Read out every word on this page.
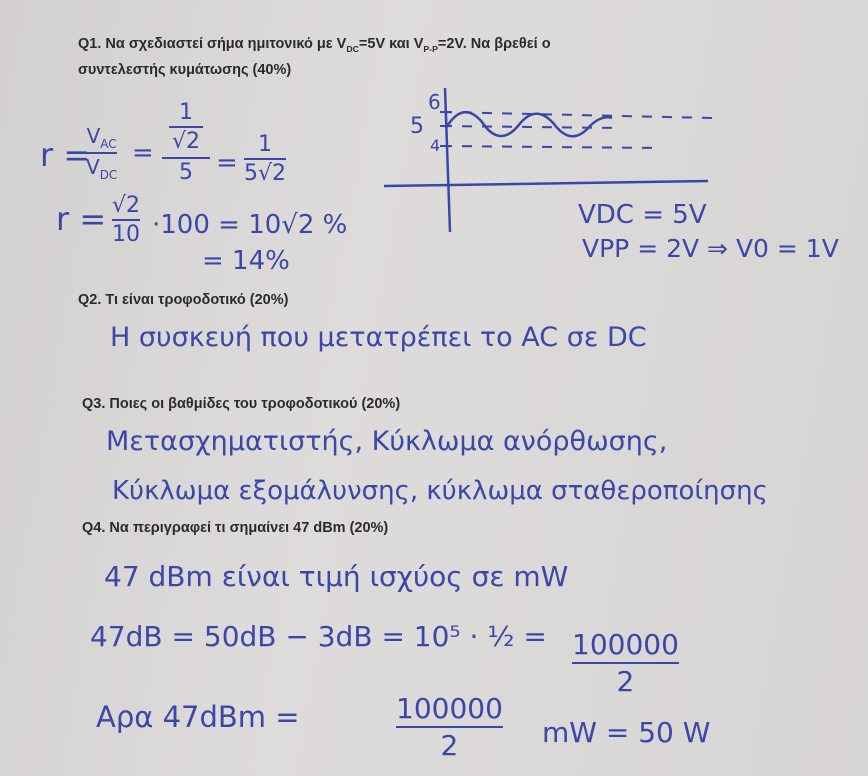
Q1. Να σχεδιαστεί σήμα ημιτονικό με $V_{DC}=5V$ και $V_{P-P}=2V$. Να βρεθεί ο
συντελεστής κυμάτωσης (40%)
r =
$V_{AC}$
$V_{DC}$
=
1
√2
5 =
1
5√2
r = √2
10 ·100 = 10√2 %
= 14%
6
5
4
VDC = 5V
VPP = 2V ⇒ V0 = 1V
Q2. Τι είναι τροφοδοτικό (20%)
Η συσκευή που μετατρέπει το AC σε DC
Q3. Ποιες οι βαθμίδες του τροφοδοτικού (20%)
Μετασχηματιστής, Κύκλωμα ανόρθωσης,
Κύκλωμα εξομάλυνσης, κύκλωμα σταθεροποίησης
Q4. Να περιγραφεί τι σημαίνει 47 dBm (20%)
47 dBm είναι τιμή ισχύος σε mW
47dB = 50dB − 3dB = 10⁵ · ½ = 100000
2
Αρα 47dBm =	100000
2	mW = 50 W
